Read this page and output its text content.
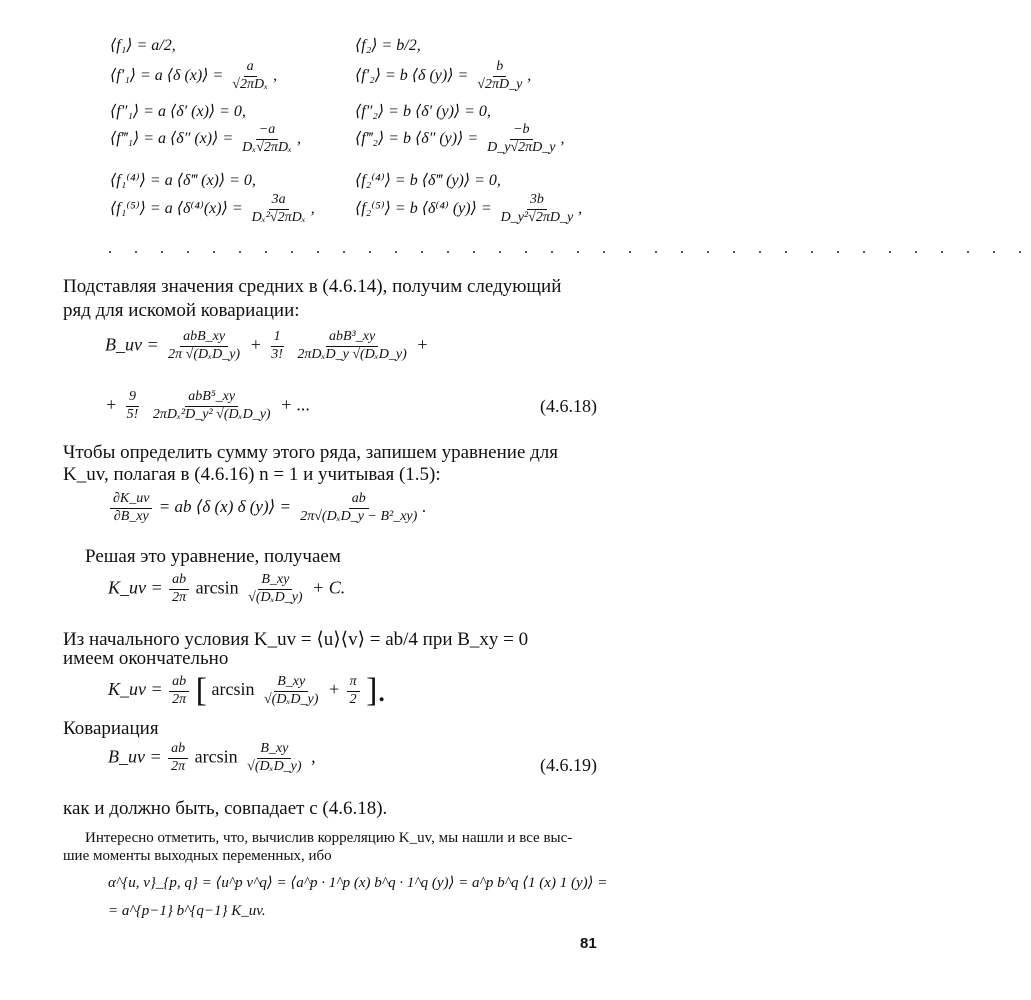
⟨f₁⟩ = a/2,
⟨f′₁⟩ = a ⟨δ (x)⟩ = $\frac{a}{\text{√2πDₓ}}$ ,
⟨f″₁⟩ = a ⟨δ′ (x)⟩ = 0,
⟨f‴₁⟩ = a ⟨δ″ (x)⟩ = $\frac{-a}{\text{Dₓ√2πDₓ}}$ ,
⟨f₁⁽⁴⁾⟩ = a ⟨δ‴ (x)⟩ = 0,
⟨f₁⁽⁵⁾⟩ = a ⟨δ⁽⁴⁾(x)⟩ = $\frac{3a}{\text{Dₓ²√2πDₓ}}$ ,
⟨f₂⟩ = b/2,
⟨f′₂⟩ = b ⟨δ (y)⟩ = $\frac{b}{√2\pi D\_y}$ ,
⟨f″₂⟩ = b ⟨δ′ (y)⟩ = 0,
⟨f‴₂⟩ = b ⟨δ″ (y)⟩ = $\frac{-b}{D\_y√2\pi D\_y}$ ,
⟨f₂⁽⁴⁾⟩ = b ⟨δ‴ (y)⟩ = 0,
⟨f₂⁽⁵⁾⟩ = b ⟨δ⁽⁴⁾ (y)⟩ = $\frac{3b}{\text{D\_y²√2πD\_y}}$ ,
. . . . . . . . . . . . . . . . . . . . . . . . . . . . . . . . . . . .
Подставляя значения средних в (4.6.14), получим следующий
ряд для искомой ковариации:
B_uv = $\frac{\text{abB\_xy}}{\text{2π √(DₓD\_y)}} + \frac{1}{3!}$
$\frac{\text{abB³\_xy}}{\text{2πDₓD\_y √(DₓD\_y)}}$ +
+ $\frac{9}{5!}$
$\frac{\text{abB⁵\_xy}}{\text{2πDₓ²D\_y² √(DₓD\_y)}}$ + ...	(4.6.18)
Чтобы определить сумму этого ряда, запишем уравнение для
K_uv, полагая в (4.6.16) n = 1 и учитывая (1.5):
$\frac{\partial K\_uv}{\partial B\_xy}$ = ab ⟨δ (x) δ (y)⟩ = $\frac{ab}{\text{2π√(DₓD\_y − B²\_xy)}}$ .
Решая это уравнение, получаем
K_uv = $\frac{ab}{2\pi}$ $\arcsin \frac{B\_xy}{\text{√(DₓD\_y)}} + C$.
Из начального условия K_uv = ⟨u⟩⟨v⟩ = ab/4 при B_xy = 0
имеем окончательно
K_uv = $\frac{ab}{2\pi}$ [ $\arcsin \frac{B\_xy}{\text{√(DₓD\_y)}} + \frac{\pi}{2}$ ].
Ковариация
B_uv = $\frac{ab}{2\pi}$ $\arcsin \frac{B\_xy}{\text{√(DₓD\_y)}}$ ,	(4.6.19)
как и должно быть, совпадает с (4.6.18).
Интересно отметить, что, вычислив корреляцию K_uv, мы нашли и все выс-
шие моменты выходных переменных, ибо
α^{u, v}_{p, q} = ⟨u^p v^q⟩ = ⟨a^p · 1^p (x) b^q · 1^q (y)⟩ = a^p b^q ⟨1 (x) 1 (y)⟩ =
= a^{p−1} b^{q−1} K_uv.
81
